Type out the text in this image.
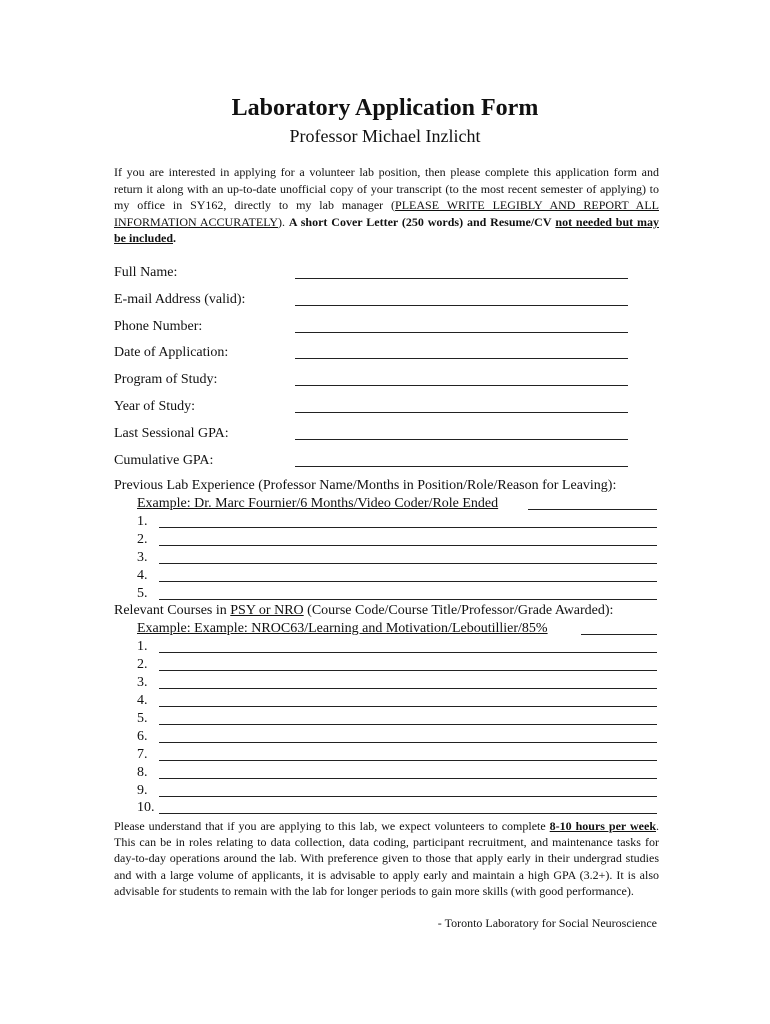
Laboratory Application Form
Professor Michael Inzlicht
If you are interested in applying for a volunteer lab position, then please complete this application form and return it along with an up-to-date unofficial copy of your transcript (to the most recent semester of applying) to my office in SY162, directly to my lab manager (PLEASE WRITE LEGIBLY AND REPORT ALL INFORMATION ACCURATELY). A short Cover Letter (250 words) and Resume/CV not needed but may be included.
Full Name:
E-mail Address (valid):
Phone Number:
Date of Application:
Program of Study:
Year of Study:
Last Sessional GPA:
Cumulative GPA:
Previous Lab Experience (Professor Name/Months in Position/Role/Reason for Leaving):
Example: Dr. Marc Fournier/6 Months/Video Coder/Role Ended
1.
2.
3.
4.
5.
Relevant Courses in PSY or NRO (Course Code/Course Title/Professor/Grade Awarded):
Example: Example: NROC63/Learning and Motivation/Leboutillier/85%
1.
2.
3.
4.
5.
6.
7.
8.
9.
10.
Please understand that if you are applying to this lab, we expect volunteers to complete 8-10 hours per week. This can be in roles relating to data collection, data coding, participant recruitment, and maintenance tasks for day-to-day operations around the lab. With preference given to those that apply early in their undergrad studies and with a large volume of applicants, it is advisable to apply early and maintain a high GPA (3.2+). It is also advisable for students to remain with the lab for longer periods to gain more skills (with good performance).
- Toronto Laboratory for Social Neuroscience
